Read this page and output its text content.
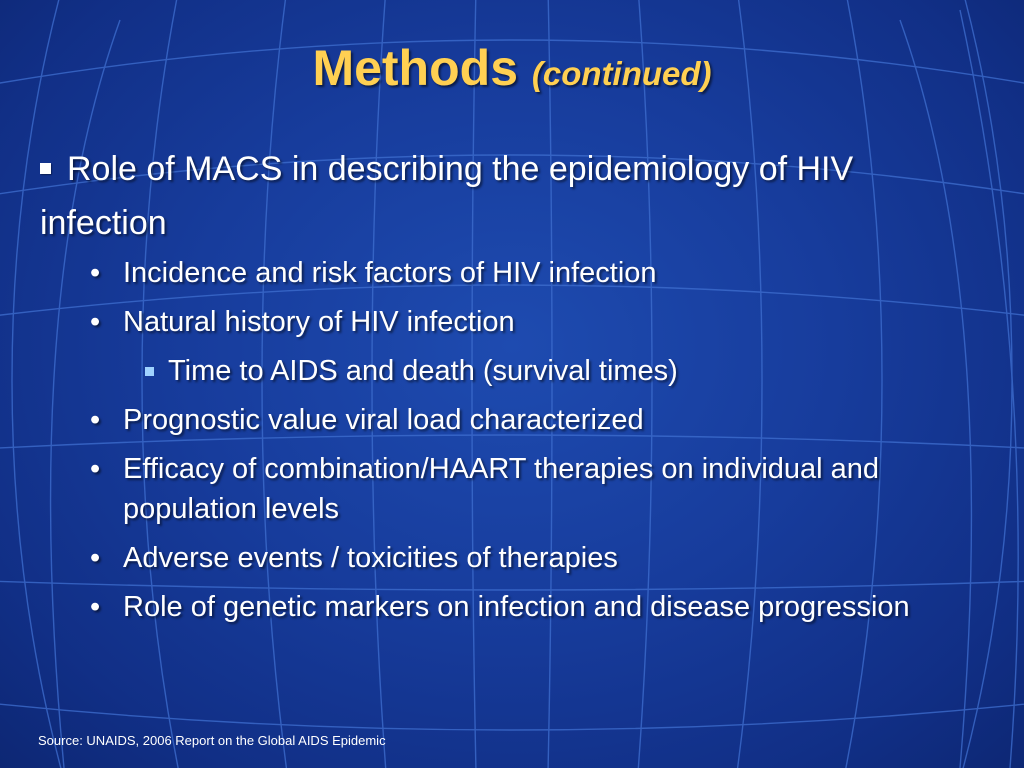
Methods (continued)
Role of MACS in describing the epidemiology of HIV infection
• Incidence and risk factors of HIV infection
• Natural history of HIV infection
Time to AIDS and death (survival times)
• Prognostic value viral load characterized
• Efficacy of combination/HAART therapies on individual and population levels
• Adverse events / toxicities of therapies
• Role of genetic markers on infection and disease progression
Source: UNAIDS, 2006 Report on the Global AIDS Epidemic
